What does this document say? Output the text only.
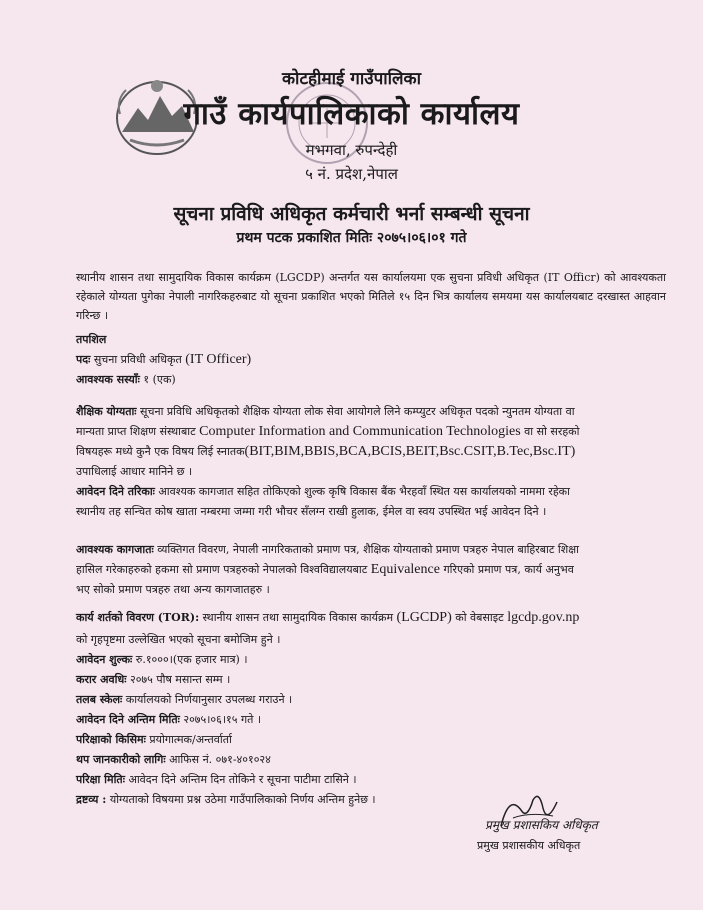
कोटहीमाई गाउँपालिका
गाउँ कार्यपालिकाको कार्यालय
मभगवा, रुपन्देही
५ नं. प्रदेश,नेपाल
सूचना प्रविधि अधिकृत कर्मचारी भर्ना सम्बन्धी सूचना
प्रथम पटक प्रकाशित मितिः २०७५।०६।०१ गते
स्थानीय शासन तथा सामुदायिक विकास कार्यक्रम (LGCDP) अन्तर्गत यस कार्यालयमा एक सुचना प्रविधी अधिकृत (IT Officr) को आवश्यकता रहेकाले योग्यता पुगेका नेपाली नागरिकहरुबाट यो सूचना प्रकाशित भएको मितिले १५ दिन भित्र कार्यालय समयमा यस कार्यालयबाट दरखास्त आहवान गरिन्छ ।
तपशिल
पदः सुचना प्रविधी अधिकृत (IT Officer)
आवश्यक सस्याँः १ (एक)
शैक्षिक योग्यताः सूचना प्रविधि अधिकृतको शैक्षिक योग्यता लोक सेवा आयोगले लिने कम्प्युटर अधिकृत पदको न्युनतम योग्यता वा
मान्यता प्राप्त शिक्षण संस्थाबाट Computer Information and Communication Technologies वा सो सरहको
विषयहरू मध्ये कुनै एक विषय लिई स्नातक(BIT,BIM,BBIS,BCA,BCIS,BEIT,Bsc.CSIT,B.Tec,Bsc.IT)
उपाधिलाई आधार मानिने छ ।
आवेदन दिने तरिकाः आवश्यक कागजात सहित तोकिएको शुल्क कृषि विकास बैंक भैरहवाँ स्थित यस कार्यालयको नाममा रहेका
स्थानीय तह सन्चित कोष खाता नम्बरमा जम्मा गरी भौचर सँलग्न राखी हुलाक, ईमेल वा स्वय उपस्थित भई आवेदन दिने ।
आवश्यक कागजातः व्यक्तिगत विवरण, नेपाली नागरिकताको प्रमाण पत्र, शैक्षिक योग्यताको प्रमाण पत्रहरु नेपाल बाहिरबाट शिक्षा
हासिल गरेकाहरुको हकमा सो प्रमाण पत्रहरुको नेपालको विश्वविद्यालयबाट Equivalence गरिएको प्रमाण पत्र, कार्य अनुभव
भए सोको प्रमाण पत्रहरु तथा अन्य कागजातहरु ।
कार्य शर्तको विवरण (TOR): स्थानीय शासन तथा सामुदायिक विकास कार्यक्रम (LGCDP) को वेबसाइट lgcdp.gov.np
को गृहपृष्टमा उल्लेखित भएको सूचना बमोजिम हुने ।
आवेदन शुल्कः रु.१०००।(एक हजार मात्र) ।
करार अवधिः २०७५ पौष मसान्त सम्म ।
तलब स्केलः कार्यालयको निर्णयानुसार उपलब्ध गराउने ।
आवेदन दिने अन्तिम मितिः २०७५।०६।१५ गते ।
परिक्षाको किसिमः प्रयोगात्मक/अन्तर्वार्ता
थप जानकारीको लागिः आफिस नं. ०७१-४०१०२४
परिक्षा मितिः आवेदन दिने अन्तिम दिन तोकिने र सूचना पाटीमा टासिने ।
द्रष्टव्य : योग्यताको विषयमा प्रश्न उठेमा गाउँपालिकाको निर्णय अन्तिम हुनेछ ।
प्रमुख प्रशासकिय अधिकृत
प्रमुख प्रशासकीय अधिकृत
